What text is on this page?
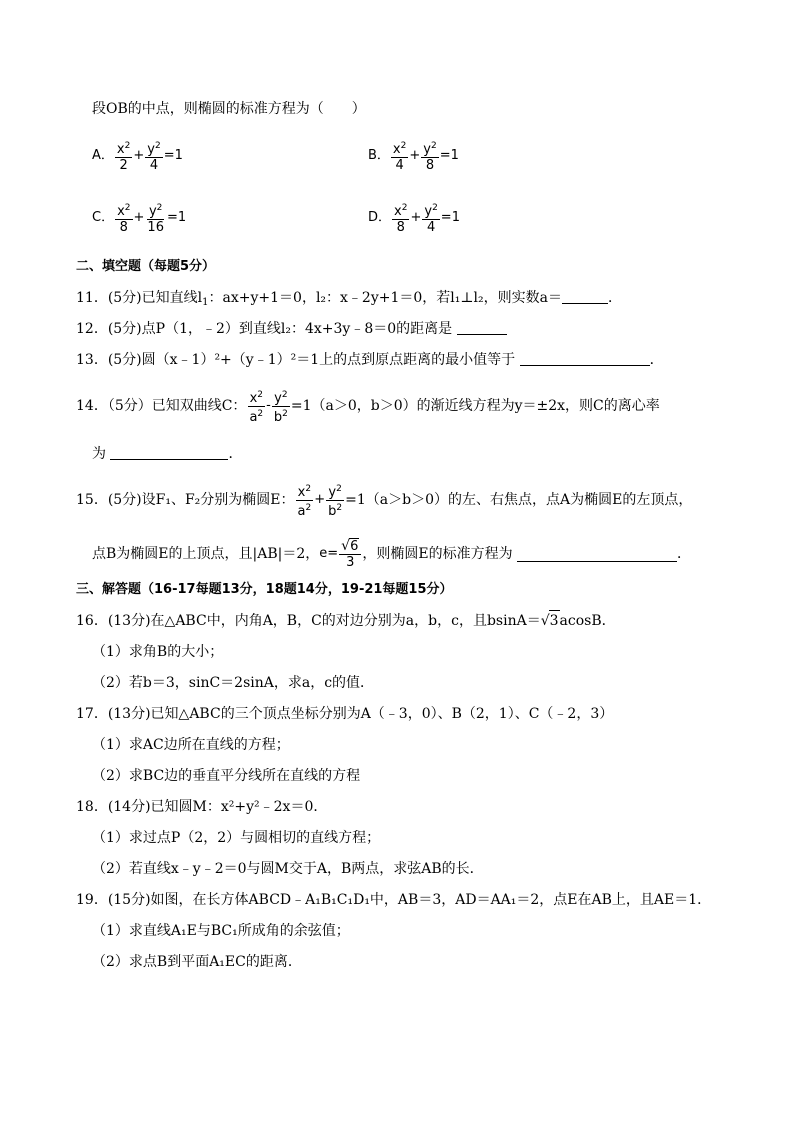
段OB的中点，则椭圆的标准方程为（　　）
A． $\frac{x^2}{2} + \frac{y^2}{4} =1$	B． $\frac{x^2}{4} + \frac{y^2}{8} =1$
C． $\frac{x^2}{8} + \frac{y^2}{16} =1$	D． $\frac{x^2}{8} + \frac{y^2}{4} =1$
二、填空题（每题5分）
11．(5分)已知直线$l_1$：ax+y+1＝0，l₂：x﹣2y+1＝0，若l₁⊥l₂，则实数a＝	．
12．(5分)点P（1，﹣2）到直线l₂：4x+3y﹣8＝0的距离是
13．(5分)圆（x﹣1）²+（y﹣1）²＝1上的点到原点距离的最小值等于	．
14．（5分）已知双曲线C： $\frac{x^2}{a^2} - \frac{y^2}{b^2} =1(a>0$，b＞0）的渐近线方程为y＝±2x，则C的离心率
为	．
15．(5分)设F₁、F₂分别为椭圆E： $\frac{x^2}{a^2} + \frac{y^2}{b^2} =1(a>b>0)$的左、右焦点，点A为椭圆E的左顶点，
点B为椭圆E的上顶点，且|AB|＝2， $e= \frac{√6}{3}$ ，则椭圆E的标准方程为
	．
三、解答题（16-17每题13分，18题14分，19-21每题15分）
16．(13分)在△ABC中，内角A，B，C的对边分别为a，b，c，且bsinA＝√3acosB．
（1）求角B的大小；
（2）若b＝3，sinC＝2sinA，求a，c的值．
17．(13分)已知△ABC的三个顶点坐标分别为A（﹣3，0）、B（2，1）、C（﹣2，3）
（1）求AC边所在直线的方程；
（2）求BC边的垂直平分线所在直线的方程
18．(14分)已知圆M：x²+y²﹣2x＝0．
（1）求过点P（2，2）与圆相切的直线方程；
（2）若直线x﹣y﹣2＝0与圆M交于A，B两点，求弦AB的长．
19．(15分)如图，在长方体ABCD﹣A₁B₁C₁D₁中，AB＝3，AD＝AA₁＝2，点E在AB上，且AE＝1．
（1）求直线A₁E与BC₁所成角的余弦值；
（2）求点B到平面A₁EC的距离．
